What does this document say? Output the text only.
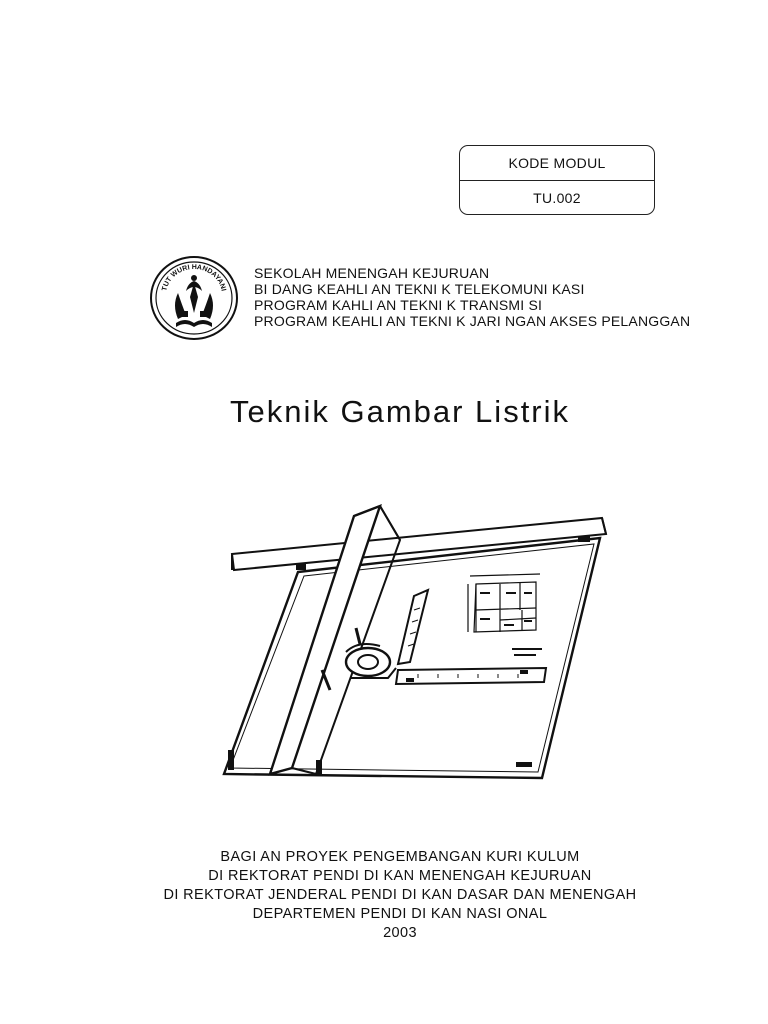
KODE MODUL
TU.002
TUT WURI HANDAYANI
SEKOLAH MENENGAH KEJURUAN
BI DANG KEAHLI AN TEKNI K TELEKOMUNI KASI
PROGRAM KAHLI AN TEKNI K TRANSMI SI
PROGRAM KEAHLI AN TEKNI K JARI NGAN AKSES PELANGGAN
Teknik Gambar Listrik
BAGI AN PROYEK PENGEMBANGAN KURI KULUM
DI REKTORAT PENDI DI KAN MENENGAH KEJURUAN
DI REKTORAT JENDERAL PENDI DI KAN DASAR DAN MENENGAH
DEPARTEMEN PENDI DI KAN NASI ONAL
2003
